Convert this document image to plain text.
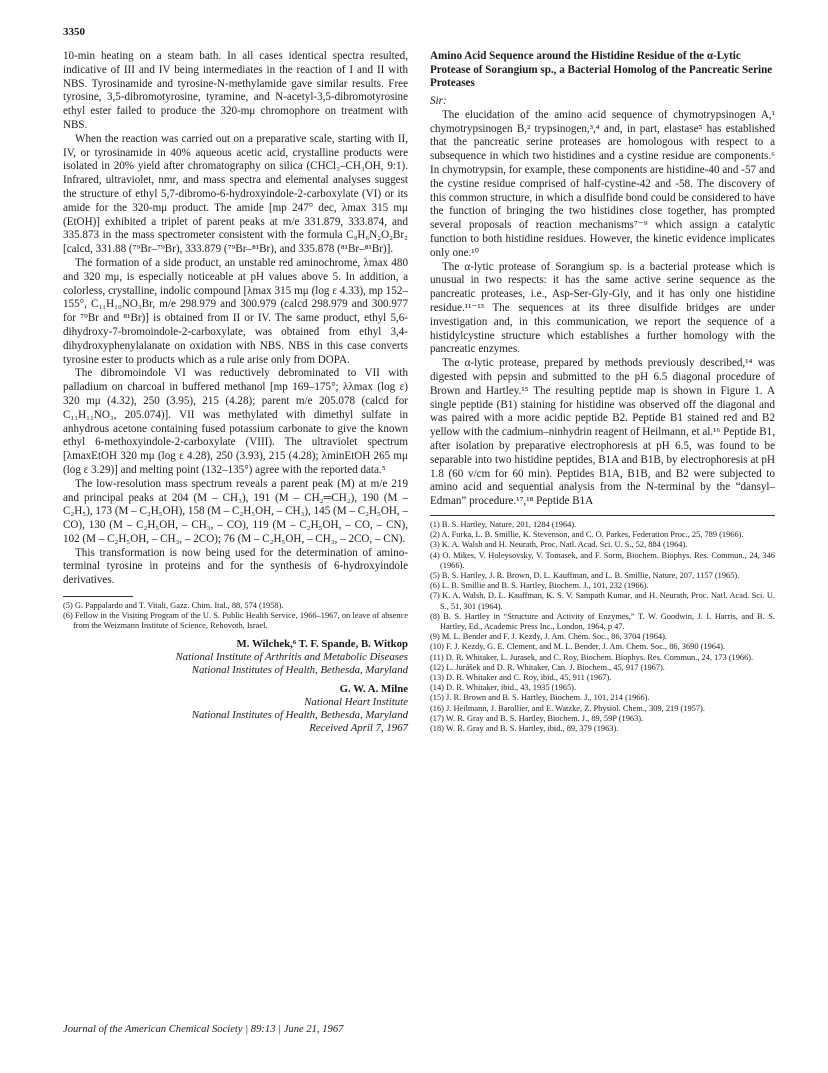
3350

10-min heating on a steam bath. In all cases identical spectra resulted, indicative of III and IV being intermediates in the reaction of I and II with NBS. Tyrosinamide and tyrosine-N-methylamide gave similar results. Free tyrosine, 3,5-dibromotyrosine, tyramine, and N-acetyl-3,5-dibromotyrosine ethyl ester failed to produce the 320-mμ chromophore on treatment with NBS.

When the reaction was carried out on a preparative scale, starting with II, IV, or tyrosinamide in 40% aqueous acetic acid, crystalline products were isolated in 20% yield after chromatography on silica (CHCl₃–CH₃OH, 9:1). Infrared, ultraviolet, nmr, and mass spectra and elemental analyses suggest the structure of ethyl 5,7-dibromo-6-hydroxyindole-2-carboxylate (VI) or its amide for the 320-mμ product. The amide [mp 247° dec, λmax 315 mμ (EtOH)] exhibited a triplet of parent peaks at m/e 331.879, 333.874, and 335.873 in the mass spectrometer consistent with the formula C₉H₆N₂O₂Br₂ [calcd, 331.88 (⁷⁹Br–⁷⁹Br), 333.879 (⁷⁹Br–⁸¹Br), and 335.878 (⁸¹Br–⁸¹Br)].

The formation of a side product, an unstable red aminochrome, λmax 480 and 320 mμ, is especially noticeable at pH values above 5. In addition, a colorless, crystalline, indolic compound [λmax 315 mμ (log ε 4.33), mp 152–155°, C₁₁H₁₀NO₃Br, m/e 298.979 and 300.979 (calcd 298.979 and 300.977 for ⁷⁹Br and ⁸¹Br)] is obtained from II or IV. The same product, ethyl 5,6-dihydroxy-7-bromoindole-2-carboxylate, was obtained from ethyl 3,4-dihydroxyphenylalanate on oxidation with NBS. NBS in this case converts tyrosine ester to products which as a rule arise only from DOPA.

The dibromoindole VI was reductively debrominated to VII with palladium on charcoal in buffered methanol [mp 169–175°; λλmax (log ε) 320 mμ (4.32), 250 (3.95), 215 (4.28); parent m/e 205.078 (calcd for C₁₁H₁₁NO₃, 205.074)]. VII was methylated with dimethyl sulfate in anhydrous acetone containing fused potassium carbonate to give the known ethyl 6-methoxyindole-2-carboxylate (VIII). The ultraviolet spectrum [λmaxEtOH 320 mμ (log ε 4.28), 250 (3.93), 215 (4.28); λminEtOH 265 mμ (log ε 3.29)] and melting point (132–135°) agree with the reported data.⁵

The low-resolution mass spectrum reveals a parent peak (M) at m/e 219 and principal peaks at 204 (M – CH₃), 191 (M – CH₂═CH₂), 190 (M – C₂H₅), 173 (M – C₂H₅OH), 158 (M – C₂H₅OH, – CH₃), 145 (M – C₂H₅OH, – CO), 130 (M – C₂H₅OH, – CH₃, – CO), 119 (M – C₂H₅OH, – CO, – CN), 102 (M – C₂H₅OH, – CH₃, – 2CO); 76 (M – C₂H₅OH, – CH₃, – 2CO, – CN).

This transformation is now being used for the determination of amino-terminal tyrosine in proteins and for the synthesis of 6-hydroxyindole derivatives.

(5) G. Pappalardo and T. Vitali, Gazz. Chim. Ital., 88, 574 (1958).

(6) Fellow in the Visiting Program of the U. S. Public Health Service, 1966–1967, on leave of absence from the Weizmann Institute of Science, Rehovoth, Israel.

M. Wilchek,⁶ T. F. Spande, B. Witkop

National Institute of Arthritis and Metabolic Diseases

National Institutes of Health, Bethesda, Maryland

G. W. A. Milne

National Heart Institute

National Institutes of Health, Bethesda, Maryland

Received April 7, 1967

Amino Acid Sequence around the Histidine Residue of the α-Lytic Protease of Sorangium sp., a Bacterial Homolog of the Pancreatic Serine Proteases

Sir:

The elucidation of the amino acid sequence of chymotrypsinogen A,¹ chymotrypsinogen B,² trypsinogen,³,⁴ and, in part, elastase⁵ has established that the pancreatic serine proteases are homologous with respect to a subsequence in which two histidines and a cystine residue are components.⁶ In chymotrypsin, for example, these components are histidine-40 and -57 and the cystine residue comprised of half-cystine-42 and -58. The discovery of this common structure, in which a disulfide bond could be considered to have the function of bringing the two histidines close together, has prompted several proposals of reaction mechanisms⁷⁻⁹ which assign a catalytic function to both histidine residues. However, the kinetic evidence implicates only one.¹⁰

The α-lytic protease of Sorangium sp. is a bacterial protease which is unusual in two respects: it has the same active serine sequence as the pancreatic proteases, i.e., Asp-Ser-Gly-Gly, and it has only one histidine residue.¹¹⁻¹³ The sequences at its three disulfide bridges are under investigation and, in this communication, we report the sequence of a histidylcystine structure which establishes a further homology with the pancreatic enzymes.

The α-lytic protease, prepared by methods previously described,¹⁴ was digested with pepsin and submitted to the pH 6.5 diagonal procedure of Brown and Hartley.¹⁵ The resulting peptide map is shown in Figure 1. A single peptide (B1) staining for histidine was observed off the diagonal and was paired with a more acidic peptide B2. Peptide B1 stained red and B2 yellow with the cadmium–ninhydrin reagent of Heilmann, et al.¹⁶ Peptide B1, after isolation by preparative electrophoresis at pH 6.5, was found to be separable into two histidine peptides, B1A and B1B, by electrophoresis at pH 1.8 (60 v/cm for 60 min). Peptides B1A, B1B, and B2 were subjected to amino acid and sequential analysis from the N-terminal by the “dansyl–Edman” procedure.¹⁷,¹⁸ Peptide B1A

(1) B. S. Hartley, Nature, 201, 1284 (1964).

(2) A. Furka, L. B. Smillie, K. Stevenson, and C. O. Parkes, Federation Proc., 25, 789 (1966).

(3) K. A. Walsh and H. Neurath, Proc. Natl. Acad. Sci. U. S., 52, 884 (1964).

(4) O. Mikes, V. Holeysovsky, V. Tomasek, and F. Sorm, Biochem. Biophys. Res. Commun., 24, 346 (1966).

(5) B. S. Hartley, J. R. Brown, D. L. Kauffman, and L. B. Smillie, Nature, 207, 1157 (1965).

(6) L. B. Smillie and B. S. Hartley, Biochem. J., 101, 232 (1966).

(7) K. A. Walsh, D. L. Kauffman, K. S. V. Sampath Kumar, and H. Neurath, Proc. Natl. Acad. Sci. U. S., 51, 301 (1964).

(8) B. S. Hartley in “Structure and Activity of Enzymes,” T. W. Goodwin, J. I. Harris, and B. S. Hartley, Ed., Academic Press Inc., London, 1964, p 47.

(9) M. L. Bender and F. J. Kezdy, J. Am. Chem. Soc., 86, 3704 (1964).

(10) F. J. Kezdy, G. E. Clement, and M. L. Bender, J. Am. Chem. Soc., 86, 3690 (1964).

(11) D. R. Whitaker, L. Jurasek, and C. Roy, Biochem. Biophys. Res. Commun., 24, 173 (1966).

(12) L. Jurášek and D. R. Whitaker, Can. J. Biochem., 45, 917 (1967).

(13) D. R. Whitaker and C. Roy, ibid., 45, 911 (1967).

(14) D. R. Whitaker, ibid., 43, 1935 (1965).

(15) J. R. Brown and B. S. Hartley, Biochem. J., 101, 214 (1966).

(16) J. Heilmann, J. Barollier, and E. Watzke, Z. Physiol. Chem., 309, 219 (1957).

(17) W. R. Gray and B. S. Hartley, Biochem. J., 89, 59P (1963).

(18) W. R. Gray and B. S. Hartley, ibid., 89, 379 (1963).

Journal of the American Chemical Society | 89:13 | June 21, 1967
